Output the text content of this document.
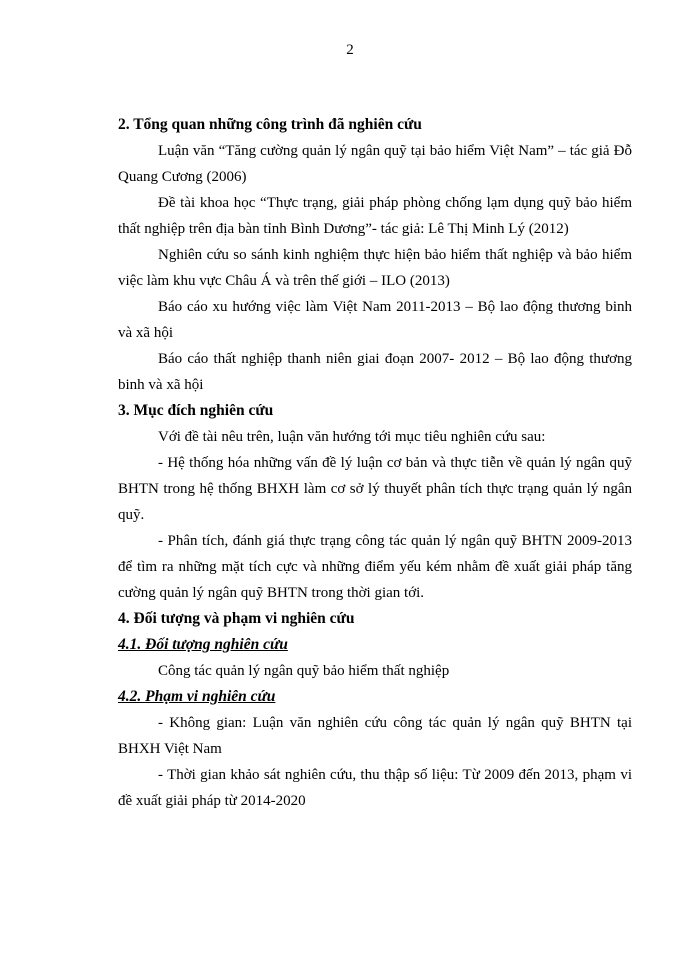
2
2. Tổng quan những công trình đã nghiên cứu

Luận văn “Tăng cường quản lý ngân quỹ tại bảo hiểm Việt Nam” – tác giả Đỗ Quang Cương (2006)

Đề tài khoa học “Thực trạng, giải pháp phòng chống lạm dụng quỹ bảo hiểm thất nghiệp trên địa bàn tỉnh Bình Dương”- tác giả: Lê Thị Minh Lý (2012)

Nghiên cứu so sánh kinh nghiệm thực hiện bảo hiểm thất nghiệp và bảo hiểm việc làm khu vực Châu Á và trên thế giới – ILO (2013)

Báo cáo xu hướng việc làm Việt Nam 2011-2013 – Bộ lao động thương binh và xã hội

Báo cáo thất nghiệp thanh niên giai đoạn 2007- 2012 – Bộ lao động thương binh và xã hội

3. Mục đích nghiên cứu

Với đề tài nêu trên, luận văn hướng tới mục tiêu nghiên cứu sau:

- Hệ thống hóa những vấn đề lý luận cơ bản và thực tiễn về quản lý ngân quỹ BHTN trong hệ thống BHXH làm cơ sở lý thuyết phân tích thực trạng quản lý ngân quỹ.

- Phân tích, đánh giá thực trạng công tác quản lý ngân quỹ BHTN 2009-2013 để tìm ra những mặt tích cực và những điểm yếu kém nhằm đề xuất giải pháp tăng cường quản lý ngân quỹ BHTN trong thời gian tới.

4. Đối tượng và phạm vi nghiên cứu
4.1. Đối tượng nghiên cứu

Công tác quản lý ngân quỹ bảo hiểm thất nghiệp

4.2. Phạm vi nghiên cứu

- Không gian: Luận văn nghiên cứu công tác quản lý ngân quỹ BHTN tại BHXH Việt Nam

- Thời gian khảo sát nghiên cứu, thu thập số liệu: Từ 2009 đến 2013, phạm vi đề xuất giải pháp từ 2014-2020
